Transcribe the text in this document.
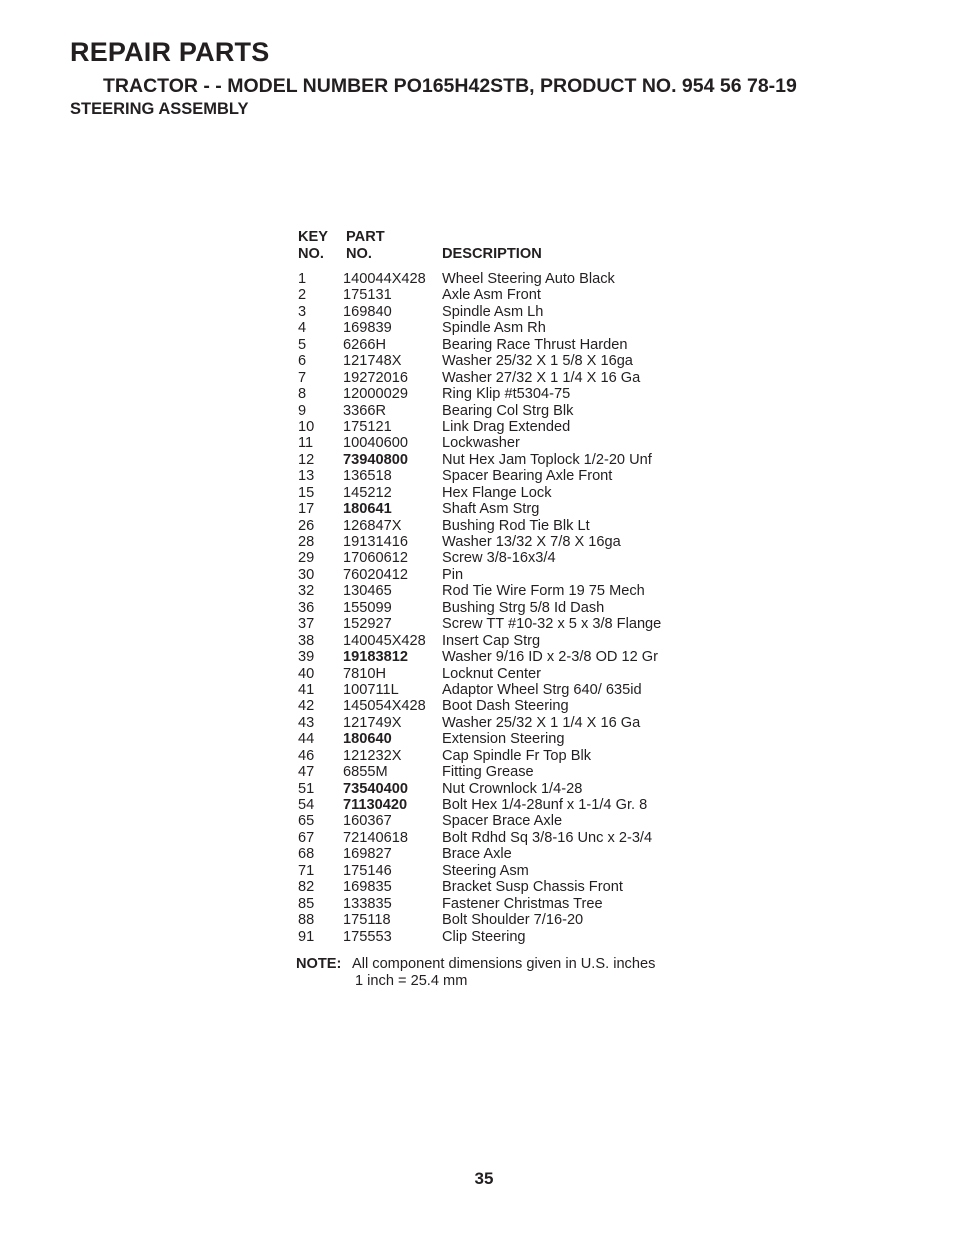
REPAIR PARTS
TRACTOR - - MODEL NUMBER PO165H42STB, PRODUCT NO. 954 56 78-19
STEERING ASSEMBLY
KEY
NO.
PART
NO.	DESCRIPTION
1	140044X428 Wheel Steering Auto Black
2	175131	Axle Asm Front
3	169840	Spindle Asm Lh
4	169839	Spindle Asm Rh
5	6266H	Bearing Race Thrust Harden
6	121748X	Washer 25/32 X 1 5/8 X 16ga
7	19272016 Washer 27/32 X 1 1/4 X 16 Ga
8	12000029 Ring Klip #t5304-75
9	3366R	Bearing Col Strg Blk
10 175121	Link Drag Extended
11 10040600 Lockwasher
12 73940800 Nut Hex Jam Toplock 1/2-20 Unf
13 136518	Spacer Bearing Axle Front
15 145212	Hex Flange Lock
17 180641	Shaft Asm Strg
26 126847X	Bushing Rod Tie Blk Lt
28 19131416 Washer 13/32 X 7/8 X 16ga
29 17060612 Screw 3/8-16x3/4
30 76020412 Pin
32 130465	Rod Tie Wire Form 19 75 Mech
36 155099	Bushing Strg 5/8 Id Dash
37 152927	Screw TT #10-32 x 5 x 3/8 Flange
38 140045X428 Insert Cap Strg
39 19183812 Washer 9/16 ID x 2-3/8 OD 12 Gr
40 7810H	Locknut Center
41 100711L	Adaptor Wheel Strg 640/ 635id
42 145054X428 Boot Dash Steering
43 121749X	Washer 25/32 X 1 1/4 X 16 Ga
44 180640	Extension Steering
46 121232X	Cap Spindle Fr Top Blk
47 6855M	Fitting Grease
51 73540400 Nut Crownlock 1/4-28
54 71130420 Bolt Hex 1/4-28unf x 1-1/4 Gr. 8
65 160367	Spacer Brace Axle
67 72140618 Bolt Rdhd Sq 3/8-16 Unc x 2-3/4
68 169827	Brace Axle
71 175146	Steering Asm
82 169835	Bracket Susp Chassis Front
85 133835	Fastener Christmas Tree
88 175118	Bolt Shoulder 7/16-20
91 175553	Clip Steering
NOTE: All component dimensions given in U.S. inches
1 inch = 25.4 mm
35
